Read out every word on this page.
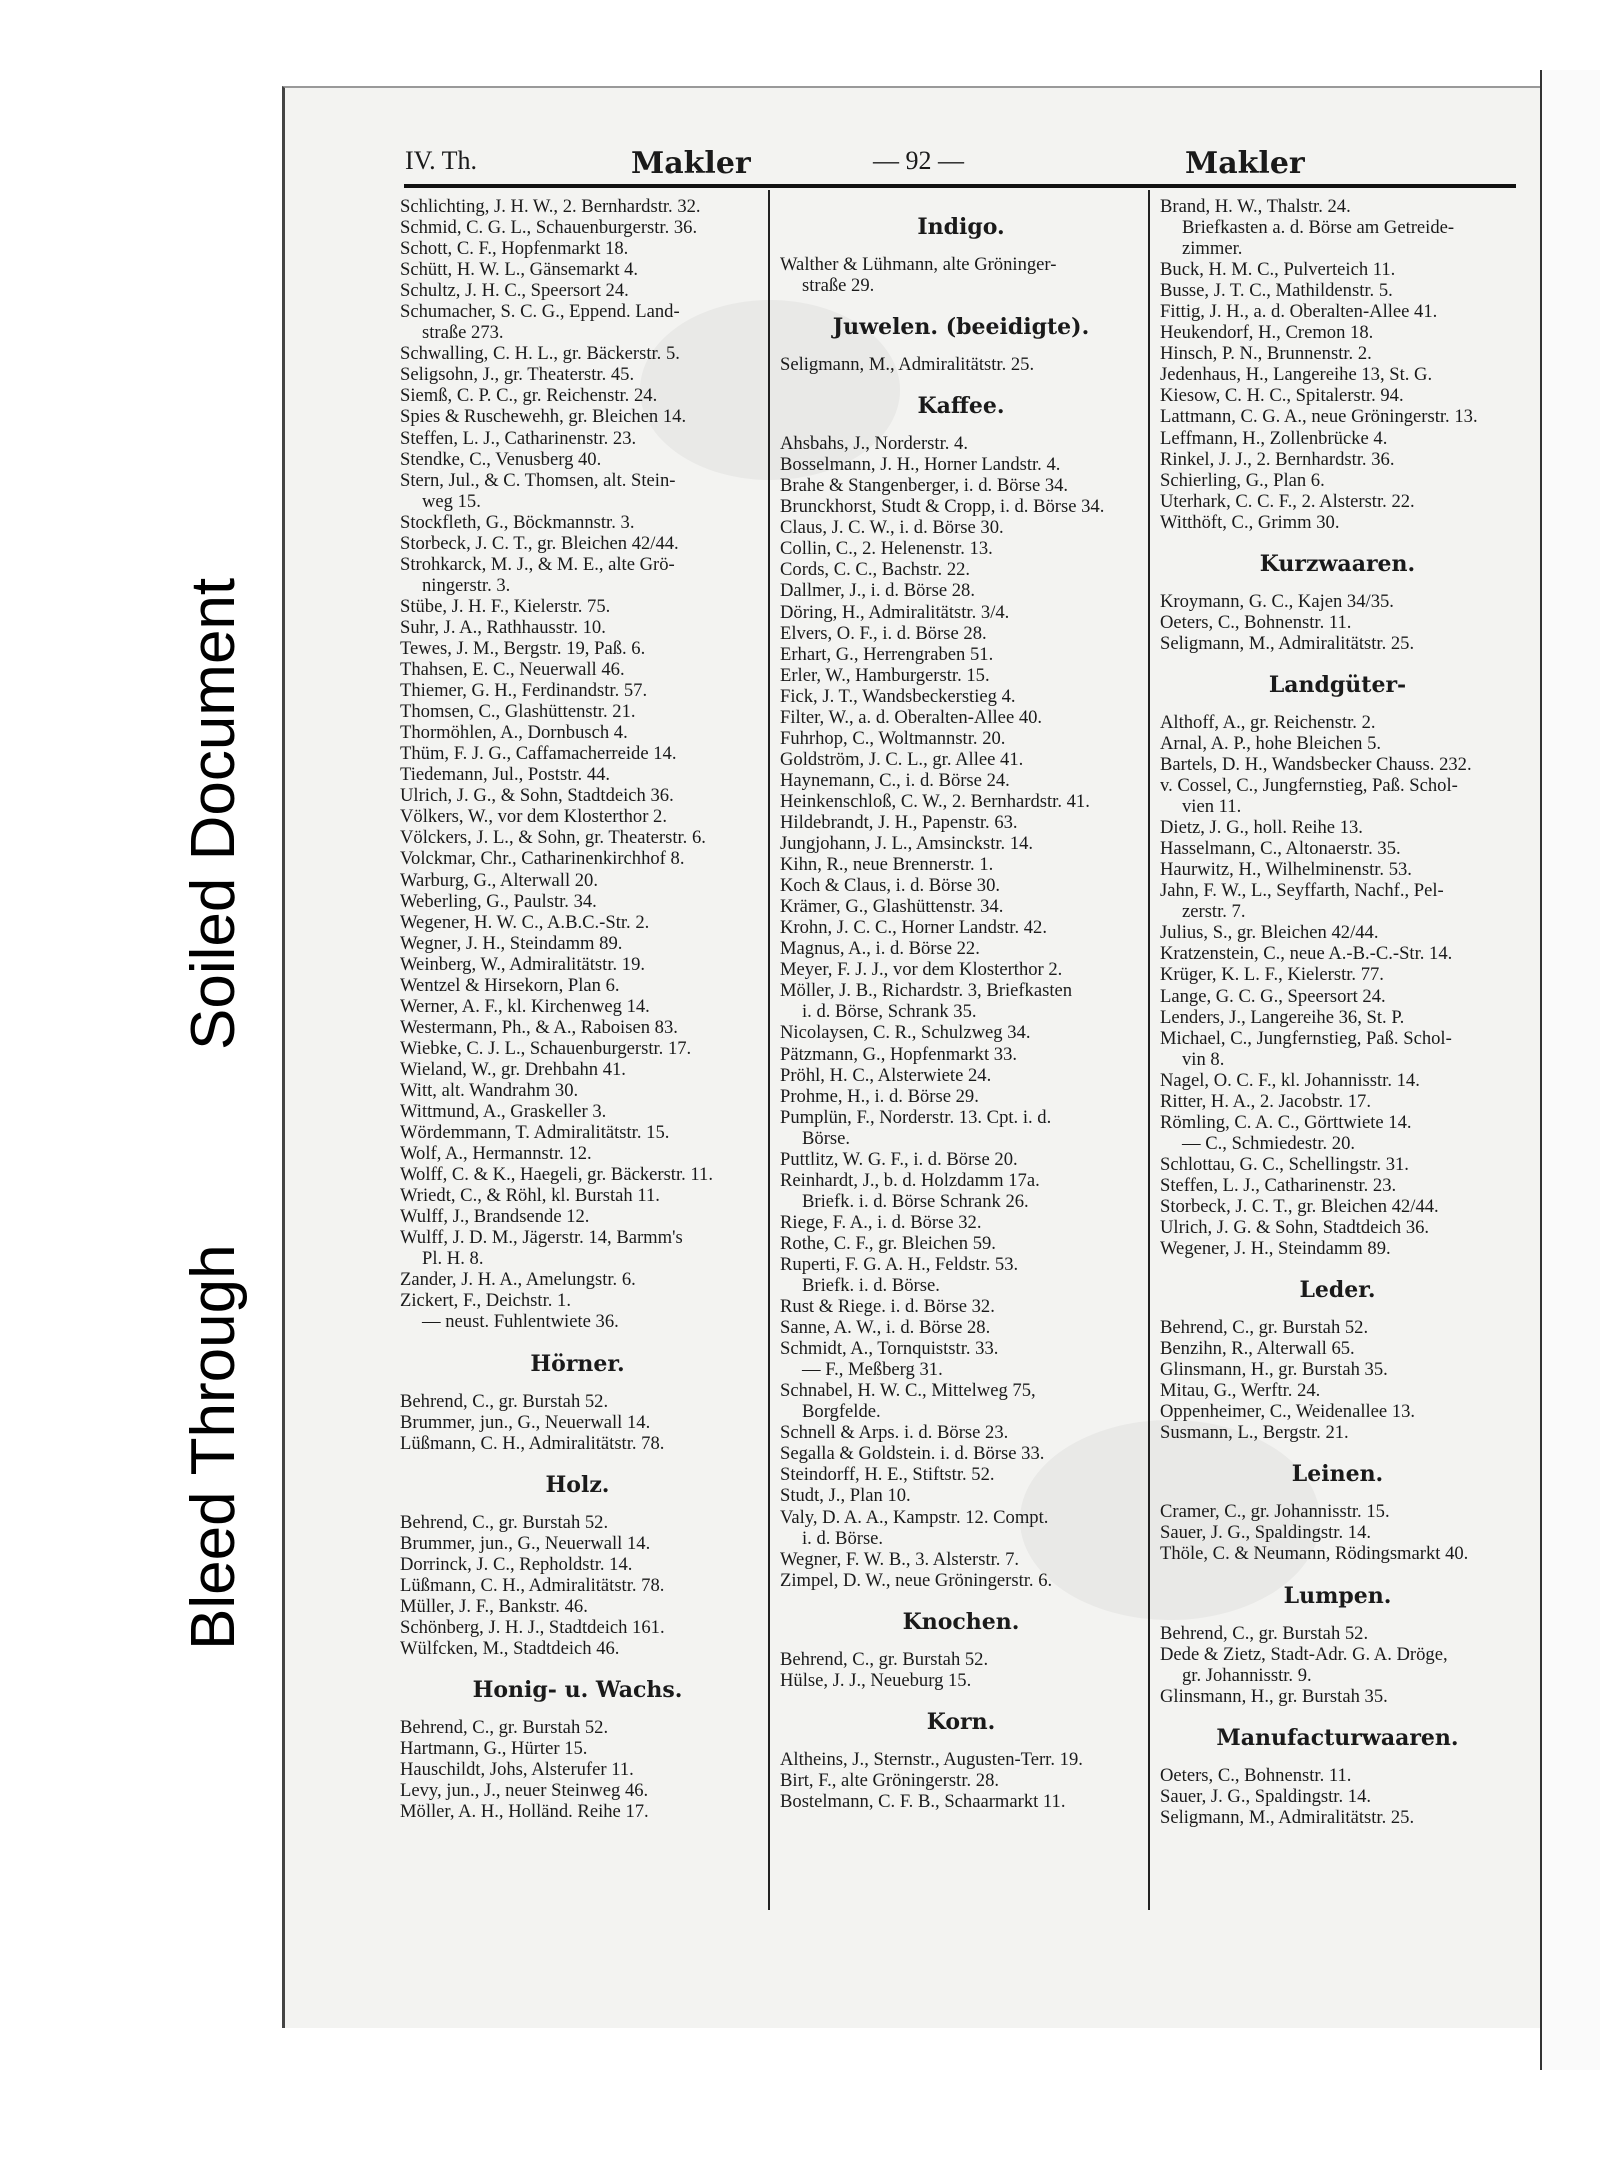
Soiled Document
Bleed Through
IV. Th.	Makler	— 92 —	Makler
Schlichting, J. H. W., 2. Bernhardstr. 32.
Schmid, C. G. L., Schauenburgerstr. 36.
Schott, C. F., Hopfenmarkt 18.
Schütt, H. W. L., Gänsemarkt 4.
Schultz, J. H. C., Speersort 24.
Schumacher, S. C. G., Eppend. Land-
straße 273.
Schwalling, C. H. L., gr. Bäckerstr. 5.
Seligsohn, J., gr. Theaterstr. 45.
Siemß, C. P. C., gr. Reichenstr. 24.
Spies & Ruschewehh, gr. Bleichen 14.
Steffen, L. J., Catharinenstr. 23.
Stendke, C., Venusberg 40.
Stern, Jul., & C. Thomsen, alt. Stein-
weg 15.
Stockfleth, G., Böckmannstr. 3.
Storbeck, J. C. T., gr. Bleichen 42/44.
Strohkarck, M. J., & M. E., alte Grö-
ningerstr. 3.
Stübe, J. H. F., Kielerstr. 75.
Suhr, J. A., Rathhausstr. 10.
Tewes, J. M., Bergstr. 19, Paß. 6.
Thahsen, E. C., Neuerwall 46.
Thiemer, G. H., Ferdinandstr. 57.
Thomsen, C., Glashüttenstr. 21.
Thormöhlen, A., Dornbusch 4.
Thüm, F. J. G., Caffamacherreide 14.
Tiedemann, Jul., Poststr. 44.
Ulrich, J. G., & Sohn, Stadtdeich 36.
Völkers, W., vor dem Klosterthor 2.
Völckers, J. L., & Sohn, gr. Theaterstr. 6.
Volckmar, Chr., Catharinenkirchhof 8.
Warburg, G., Alterwall 20.
Weberling, G., Paulstr. 34.
Wegener, H. W. C., A.B.C.-Str. 2.
Wegner, J. H., Steindamm 89.
Weinberg, W., Admiralitätstr. 19.
Wentzel & Hirsekorn, Plan 6.
Werner, A. F., kl. Kirchenweg 14.
Westermann, Ph., & A., Raboisen 83.
Wiebke, C. J. L., Schauenburgerstr. 17.
Wieland, W., gr. Drehbahn 41.
Witt, alt. Wandrahm 30.
Wittmund, A., Graskeller 3.
Wördemmann, T. Admiralitätstr. 15.
Wolf, A., Hermannstr. 12.
Wolff, C. & K., Haegeli, gr. Bäckerstr. 11.
Wriedt, C., & Röhl, kl. Burstah 11.
Wulff, J., Brandsende 12.
Wulff, J. D. M., Jägerstr. 14, Barmm's
Pl. H. 8.
Zander, J. H. A., Amelungstr. 6.
Zickert, F., Deichstr. 1.
— neust. Fuhlentwiete 36.
Hörner.
Behrend, C., gr. Burstah 52.
Brummer, jun., G., Neuerwall 14.
Lüßmann, C. H., Admiralitätstr. 78.
Holz.
Behrend, C., gr. Burstah 52.
Brummer, jun., G., Neuerwall 14.
Dorrinck, J. C., Repholdstr. 14.
Lüßmann, C. H., Admiralitätstr. 78.
Müller, J. F., Bankstr. 46.
Schönberg, J. H. J., Stadtdeich 161.
Wülfcken, M., Stadtdeich 46.
Honig- u. Wachs.
Behrend, C., gr. Burstah 52.
Hartmann, G., Hürter 15.
Hauschildt, Johs, Alsterufer 11.
Levy, jun., J., neuer Steinweg 46.
Möller, A. H., Holländ. Reihe 17.
Indigo.
Walther & Lühmann, alte Gröninger-
straße 29.
Juwelen. (beeidigte).
Seligmann, M., Admiralitätstr. 25.
Kaffee.
Ahsbahs, J., Norderstr. 4.
Bosselmann, J. H., Horner Landstr. 4.
Brahe & Stangenberger, i. d. Börse 34.
Brunckhorst, Studt & Cropp, i. d. Börse 34.
Claus, J. C. W., i. d. Börse 30.
Collin, C., 2. Helenenstr. 13.
Cords, C. C., Bachstr. 22.
Dallmer, J., i. d. Börse 28.
Döring, H., Admiralitätstr. 3/4.
Elvers, O. F., i. d. Börse 28.
Erhart, G., Herrengraben 51.
Erler, W., Hamburgerstr. 15.
Fick, J. T., Wandsbeckerstieg 4.
Filter, W., a. d. Oberalten-Allee 40.
Fuhrhop, C., Woltmannstr. 20.
Goldström, J. C. L., gr. Allee 41.
Haynemann, C., i. d. Börse 24.
Heinkenschloß, C. W., 2. Bernhardstr. 41.
Hildebrandt, J. H., Papenstr. 63.
Jungjohann, J. L., Amsinckstr. 14.
Kihn, R., neue Brennerstr. 1.
Koch & Claus, i. d. Börse 30.
Krämer, G., Glashüttenstr. 34.
Krohn, J. C. C., Horner Landstr. 42.
Magnus, A., i. d. Börse 22.
Meyer, F. J. J., vor dem Klosterthor 2.
Möller, J. B., Richardstr. 3, Briefkasten
i. d. Börse, Schrank 35.
Nicolaysen, C. R., Schulzweg 34.
Pätzmann, G., Hopfenmarkt 33.
Pröhl, H. C., Alsterwiete 24.
Prohme, H., i. d. Börse 29.
Pumplün, F., Norderstr. 13. Cpt. i. d.
Börse.
Puttlitz, W. G. F., i. d. Börse 20.
Reinhardt, J., b. d. Holzdamm 17a.
Briefk. i. d. Börse Schrank 26.
Riege, F. A., i. d. Börse 32.
Rothe, C. F., gr. Bleichen 59.
Ruperti, F. G. A. H., Feldstr. 53.
Briefk. i. d. Börse.
Rust & Riege. i. d. Börse 32.
Sanne, A. W., i. d. Börse 28.
Schmidt, A., Tornquiststr. 33.
— F., Meßberg 31.
Schnabel, H. W. C., Mittelweg 75,
Borgfelde.
Schnell & Arps. i. d. Börse 23.
Segalla & Goldstein. i. d. Börse 33.
Steindorff, H. E., Stiftstr. 52.
Studt, J., Plan 10.
Valy, D. A. A., Kampstr. 12. Compt.
i. d. Börse.
Wegner, F. W. B., 3. Alsterstr. 7.
Zimpel, D. W., neue Gröningerstr. 6.
Knochen.
Behrend, C., gr. Burstah 52.
Hülse, J. J., Neueburg 15.
Korn.
Altheins, J., Sternstr., Augusten-Terr. 19.
Birt, F., alte Gröningerstr. 28.
Bostelmann, C. F. B., Schaarmarkt 11.
Brand, H. W., Thalstr. 24.
Briefkasten a. d. Börse am Getreide-
zimmer.
Buck, H. M. C., Pulverteich 11.
Busse, J. T. C., Mathildenstr. 5.
Fittig, J. H., a. d. Oberalten-Allee 41.
Heukendorf, H., Cremon 18.
Hinsch, P. N., Brunnenstr. 2.
Jedenhaus, H., Langereihe 13, St. G.
Kiesow, C. H. C., Spitalerstr. 94.
Lattmann, C. G. A., neue Gröningerstr. 13.
Leffmann, H., Zollenbrücke 4.
Rinkel, J. J., 2. Bernhardstr. 36.
Schierling, G., Plan 6.
Uterhark, C. C. F., 2. Alsterstr. 22.
Witthöft, C., Grimm 30.
Kurzwaaren.
Kroymann, G. C., Kajen 34/35.
Oeters, C., Bohnenstr. 11.
Seligmann, M., Admiralitätstr. 25.
Landgüter-
Althoff, A., gr. Reichenstr. 2.
Arnal, A. P., hohe Bleichen 5.
Bartels, D. H., Wandsbecker Chauss. 232.
v. Cossel, C., Jungfernstieg, Paß. Schol-
vien 11.
Dietz, J. G., holl. Reihe 13.
Hasselmann, C., Altonaerstr. 35.
Haurwitz, H., Wilhelminenstr. 53.
Jahn, F. W., L., Seyffarth, Nachf., Pel-
zerstr. 7.
Julius, S., gr. Bleichen 42/44.
Kratzenstein, C., neue A.-B.-C.-Str. 14.
Krüger, K. L. F., Kielerstr. 77.
Lange, G. C. G., Speersort 24.
Lenders, J., Langereihe 36, St. P.
Michael, C., Jungfernstieg, Paß. Schol-
vin 8.
Nagel, O. C. F., kl. Johannisstr. 14.
Ritter, H. A., 2. Jacobstr. 17.
Römling, C. A. C., Görttwiete 14.
— C., Schmiedestr. 20.
Schlottau, G. C., Schellingstr. 31.
Steffen, L. J., Catharinenstr. 23.
Storbeck, J. C. T., gr. Bleichen 42/44.
Ulrich, J. G. & Sohn, Stadtdeich 36.
Wegener, J. H., Steindamm 89.
Leder.
Behrend, C., gr. Burstah 52.
Benzihn, R., Alterwall 65.
Glinsmann, H., gr. Burstah 35.
Mitau, G., Werftr. 24.
Oppenheimer, C., Weidenallee 13.
Susmann, L., Bergstr. 21.
Leinen.
Cramer, C., gr. Johannisstr. 15.
Sauer, J. G., Spaldingstr. 14.
Thöle, C. & Neumann, Rödingsmarkt 40.
Lumpen.
Behrend, C., gr. Burstah 52.
Dede & Zietz, Stadt-Adr. G. A. Dröge,
gr. Johannisstr. 9.
Glinsmann, H., gr. Burstah 35.
Manufacturwaaren.
Oeters, C., Bohnenstr. 11.
Sauer, J. G., Spaldingstr. 14.
Seligmann, M., Admiralitätstr. 25.
